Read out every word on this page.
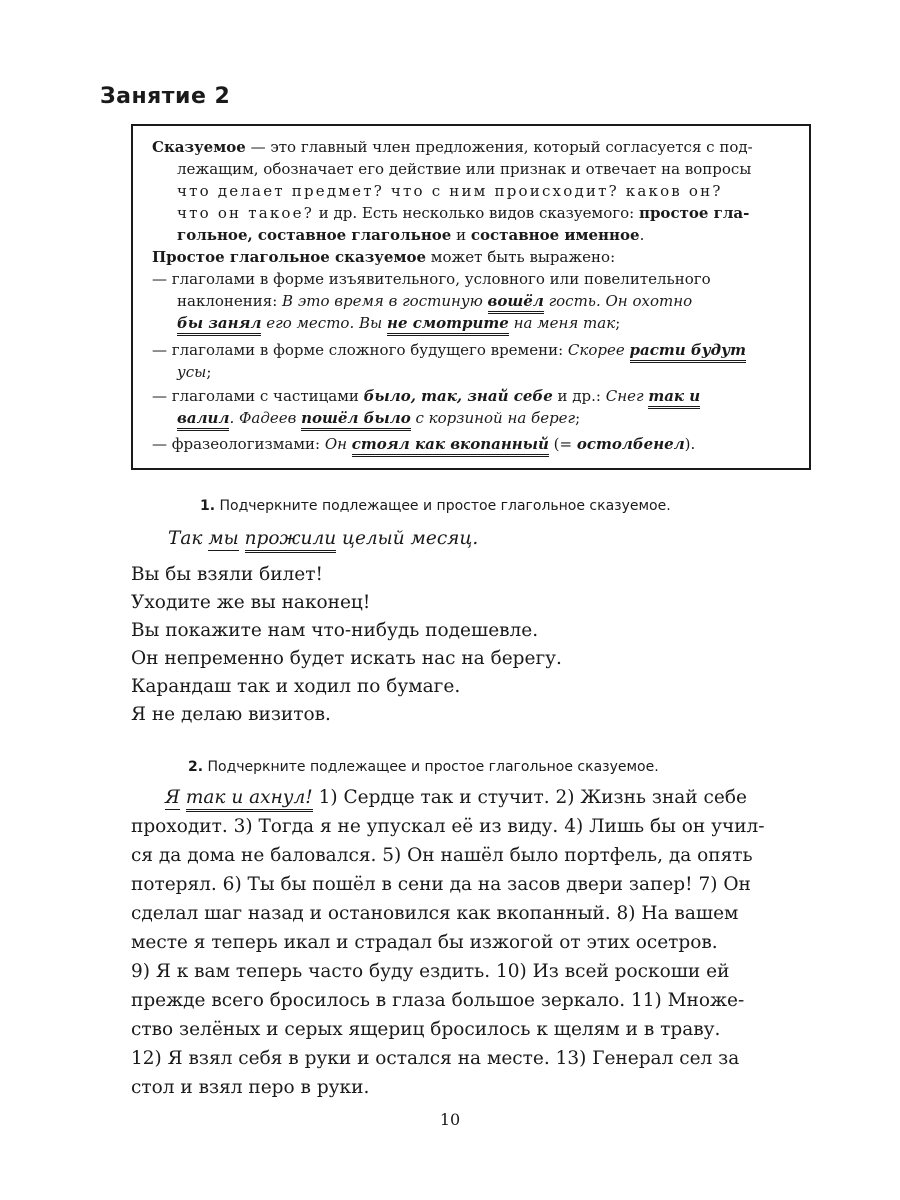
Занятие 2
Сказуемое — это главный член предложения, который согласуется с под-
лежащим, обозначает его действие или признак и отвечает на вопросы
что делает предмет? что с ним происходит? каков он?
что он такое? и др. Есть несколько видов сказуемого: простое гла-
гольное, составное глагольное и составное именное.
Простое глагольное сказуемое может быть выражено:
— глаголами в форме изъявительного, условного или повелительного
наклонения: В это время в гостиную вошёл гость. Он охотно
бы занял его место. Вы не смотрите на меня так;
— глаголами в форме сложного будущего времени: Скорее расти будут
усы;
— глаголами с частицами было, так, знай себе и др.: Снег так и
валил. Фадеев пошёл было с корзиной на берег;
— фразеологизмами: Он стоял как вкопанный (= остолбенел).
1. Подчеркните подлежащее и простое глагольное сказуемое.
Так мы прожили целый месяц.
Вы бы взяли билет!
Уходите же вы наконец!
Вы покажите нам что-нибудь подешевле.
Он непременно будет искать нас на берегу.
Карандаш так и ходил по бумаге.
Я не делаю визитов.
2. Подчеркните подлежащее и простое глагольное сказуемое.
Я так и ахнул! 1) Сердце так и стучит. 2) Жизнь знай себе
проходит. 3) Тогда я не упускал её из виду. 4) Лишь бы он учил-
ся да дома не баловался. 5) Он нашёл было портфель, да опять
потерял. 6) Ты бы пошёл в сени да на засов двери запер! 7) Он
сделал шаг назад и остановился как вкопанный. 8) На вашем
месте я теперь икал и страдал бы изжогой от этих осетров.
9) Я к вам теперь часто буду ездить. 10) Из всей роскоши ей
прежде всего бросилось в глаза большое зеркало. 11) Множе-
ство зелёных и серых ящериц бросилось к щелям и в траву.
12) Я взял себя в руки и остался на месте. 13) Генерал сел за
стол и взял перо в руки.
10
